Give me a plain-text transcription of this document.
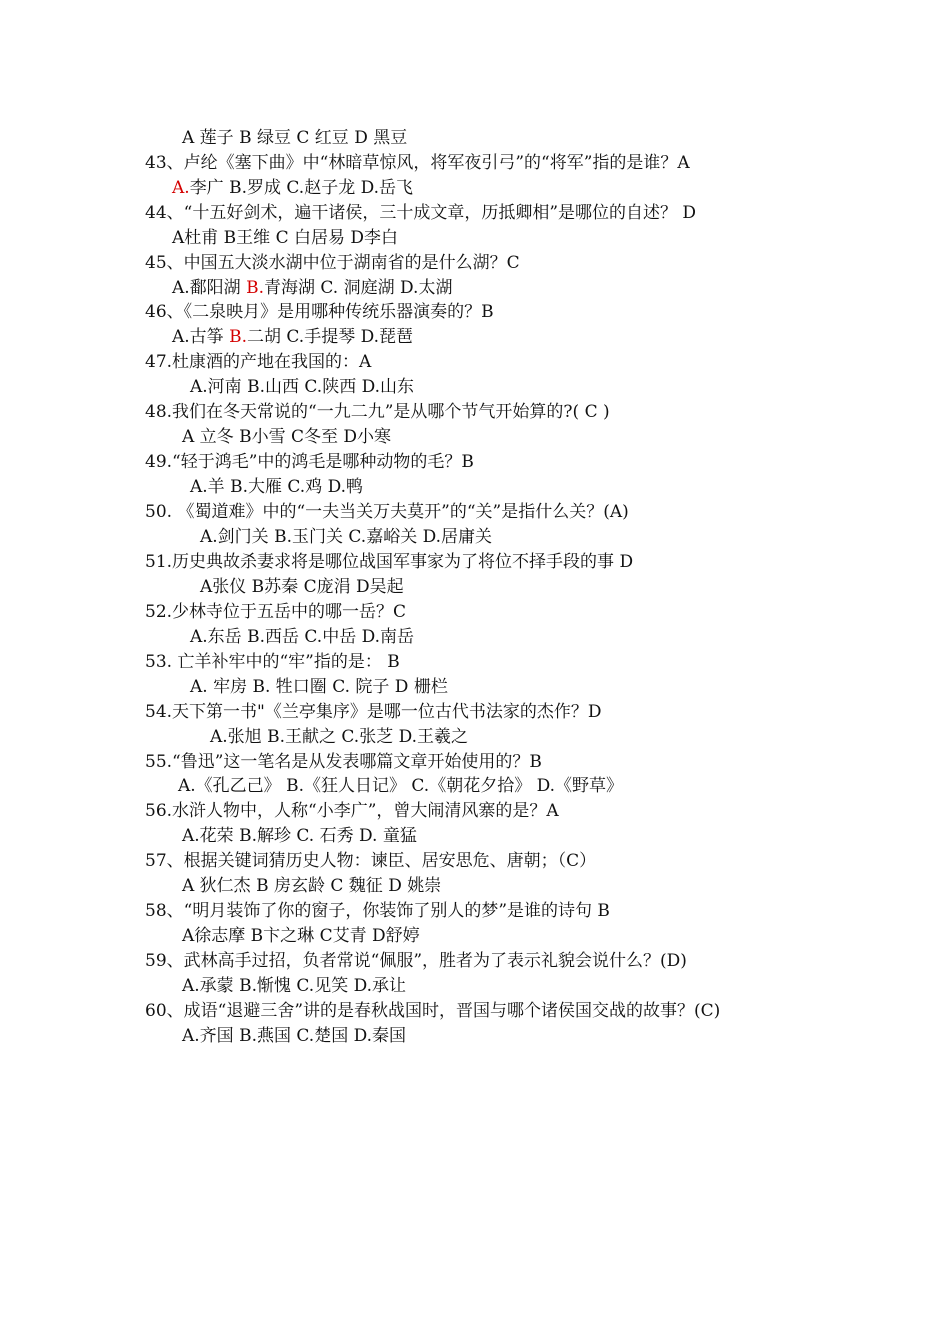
A 莲子 B 绿豆 C 红豆 D 黑豆
43、卢纶《塞下曲》中“林暗草惊风，将军夜引弓”的“将军”指的是谁？A
A.李广 B.罗成 C.赵子龙 D.岳飞
44、“十五好剑术，遍干诸侯，三十成文章，历抵卿相”是哪位的自述？ D
A杜甫 B王维 C 白居易 D李白
45、中国五大淡水湖中位于湖南省的是什么湖？C
A.鄱阳湖 B.青海湖 C. 洞庭湖 D.太湖
46、《二泉映月》是用哪种传统乐器演奏的？B
A.古筝 B.二胡 C.手提琴 D.琵琶
47.杜康酒的产地在我国的：A
A.河南 B.山西 C.陕西 D.山东
48.我们在冬天常说的“一九二九”是从哪个节气开始算的?( C )
A 立冬 B小雪 C冬至 D小寒
49.“轻于鸿毛”中的鸿毛是哪种动物的毛？B
A.羊 B.大雁 C.鸡 D.鸭
50. 《蜀道难》中的“一夫当关万夫莫开”的“关”是指什么关？(A)
A.剑门关 B.玉门关 C.嘉峪关 D.居庸关
51.历史典故杀妻求将是哪位战国军事家为了将位不择手段的事 D
A张仪 B苏秦 C庞涓 D吴起
52.少林寺位于五岳中的哪一岳？C
A.东岳 B.西岳 C.中岳 D.南岳
53. 亡羊补牢中的“牢”指的是： B
A. 牢房 B. 牲口圈 C. 院子 D 栅栏
54.天下第一书"《兰亭集序》是哪一位古代书法家的杰作？D
A.张旭 B.王献之 C.张芝 D.王羲之
55.“鲁迅”这一笔名是从发表哪篇文章开始使用的？B
A.《孔乙己》 B.《狂人日记》 C.《朝花夕拾》 D.《野草》
56.水浒人物中，人称“小李广”，曾大闹清风寨的是？A
A.花荣 B.解珍 C. 石秀 D. 童猛
57、根据关键词猜历史人物：谏臣、居安思危、唐朝；（C）
A 狄仁杰 B 房玄龄 C 魏征 D 姚崇
58、“明月装饰了你的窗子，你装饰了别人的梦”是谁的诗句 B
A徐志摩 B卞之琳 C艾青 D舒婷
59、武林高手过招，负者常说“佩服”，胜者为了表示礼貌会说什么？(D)
A.承蒙 B.惭愧 C.见笑 D.承让
60、成语“退避三舍”讲的是春秋战国时，晋国与哪个诸侯国交战的故事？(C)
A.齐国 B.燕国 C.楚国 D.秦国
